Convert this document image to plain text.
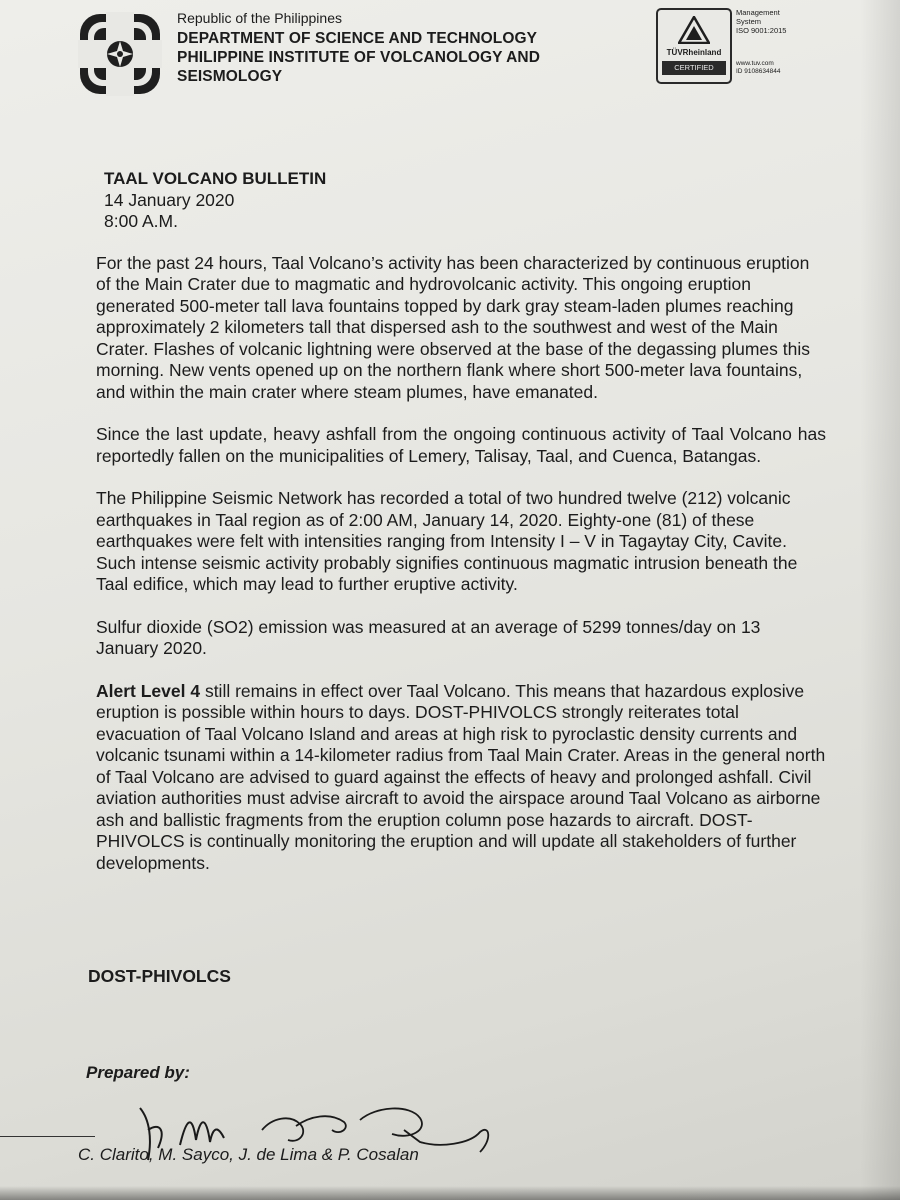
Republic of the Philippines
DEPARTMENT OF SCIENCE AND TECHNOLOGY
PHILIPPINE INSTITUTE OF VOLCANOLOGY AND
SEISMOLOGY
TÜVRheinland
CERTIFIED
Management
System
ISO 9001:2015
www.tuv.com
ID 9108634844
TAAL VOLCANO BULLETIN
14 January 2020
8:00 A.M.

For the past 24 hours, Taal Volcano’s activity has been characterized by continuous eruption of the Main Crater due to magmatic and hydrovolcanic activity. This ongoing eruption generated 500-meter tall lava fountains topped by dark gray steam-laden plumes reaching approximately 2 kilometers tall that dispersed ash to the southwest and west of the Main Crater. Flashes of volcanic lightning were observed at the base of the degassing plumes this morning. New vents opened up on the northern flank where short 500-meter lava fountains, and within the main crater where steam plumes, have emanated.

Since the last update, heavy ashfall from the ongoing continuous activity of Taal Volcano has reportedly fallen on the municipalities of Lemery, Talisay, Taal, and Cuenca, Batangas.

The Philippine Seismic Network has recorded a total of two hundred twelve (212) volcanic earthquakes in Taal region as of 2:00 AM, January 14, 2020. Eighty-one (81) of these earthquakes were felt with intensities ranging from Intensity I – V in Tagaytay City, Cavite. Such intense seismic activity probably signifies continuous magmatic intrusion beneath the Taal edifice, which may lead to further eruptive activity.

Sulfur dioxide (SO2) emission was measured at an average of 5299 tonnes/day on 13 January 2020.

Alert Level 4 still remains in effect over Taal Volcano. This means that hazardous explosive eruption is possible within hours to days. DOST-PHIVOLCS strongly reiterates total evacuation of Taal Volcano Island and areas at high risk to pyroclastic density currents and volcanic tsunami within a 14-kilometer radius from Taal Main Crater. Areas in the general north of Taal Volcano are advised to guard against the effects of heavy and prolonged ashfall. Civil aviation authorities must advise aircraft to avoid the airspace around Taal Volcano as airborne ash and ballistic fragments from the eruption column pose hazards to aircraft. DOST-PHIVOLCS is continually monitoring the eruption and will update all stakeholders of further developments.

DOST-PHIVOLCS
Prepared by:
C. Clarito, M. Sayco, J. de Lima & P. Cosalan
